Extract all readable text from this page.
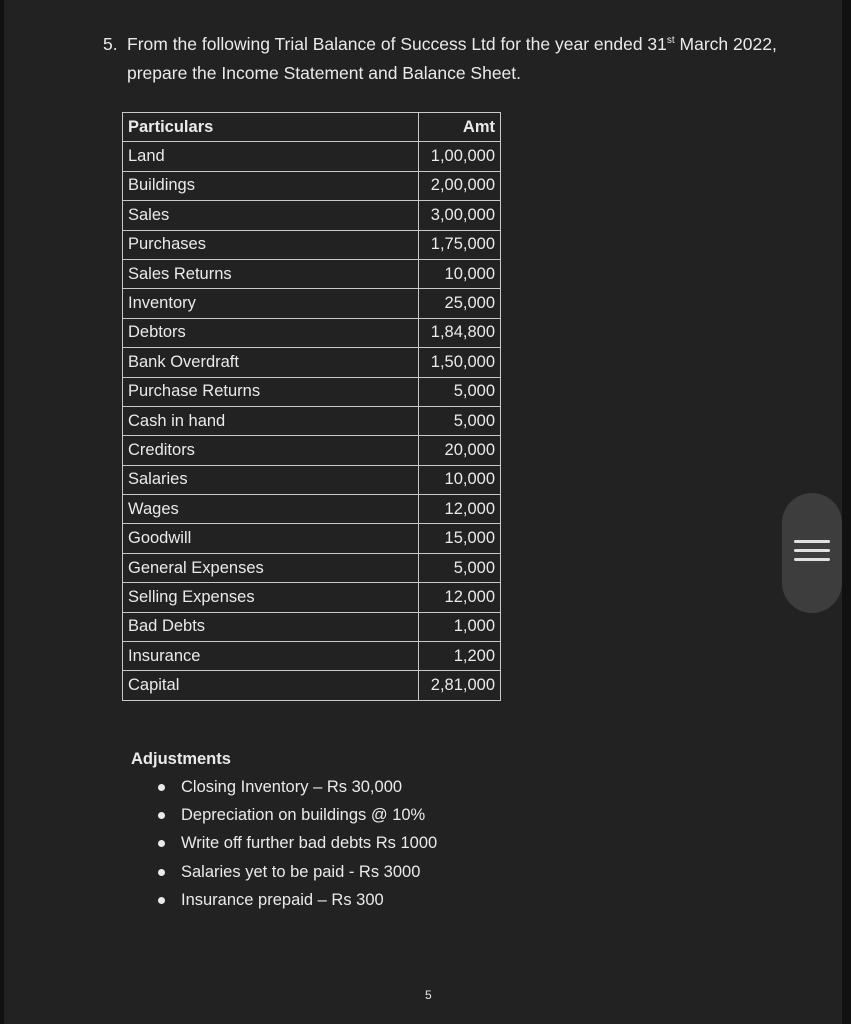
5. From the following Trial Balance of Success Ltd for the year ended 31st March 2022,
prepare the Income Statement and Balance Sheet.
Particulars	Amt
Land	1,00,000
Buildings	2,00,000
Sales	3,00,000
Purchases	1,75,000
Sales Returns	10,000
Inventory	25,000
Debtors	1,84,800
Bank Overdraft	1,50,000
Purchase Returns	5,000
Cash in hand	5,000
Creditors	20,000
Salaries	10,000
Wages	12,000
Goodwill	15,000
General Expenses	5,000
Selling Expenses	12,000
Bad Debts	1,000
Insurance	1,200
Capital	2,81,000
Adjustments
Closing Inventory – Rs 30,000
Depreciation on buildings @ 10%
Write off further bad debts Rs 1000
Salaries yet to be paid - Rs 3000
Insurance prepaid – Rs 300
5
